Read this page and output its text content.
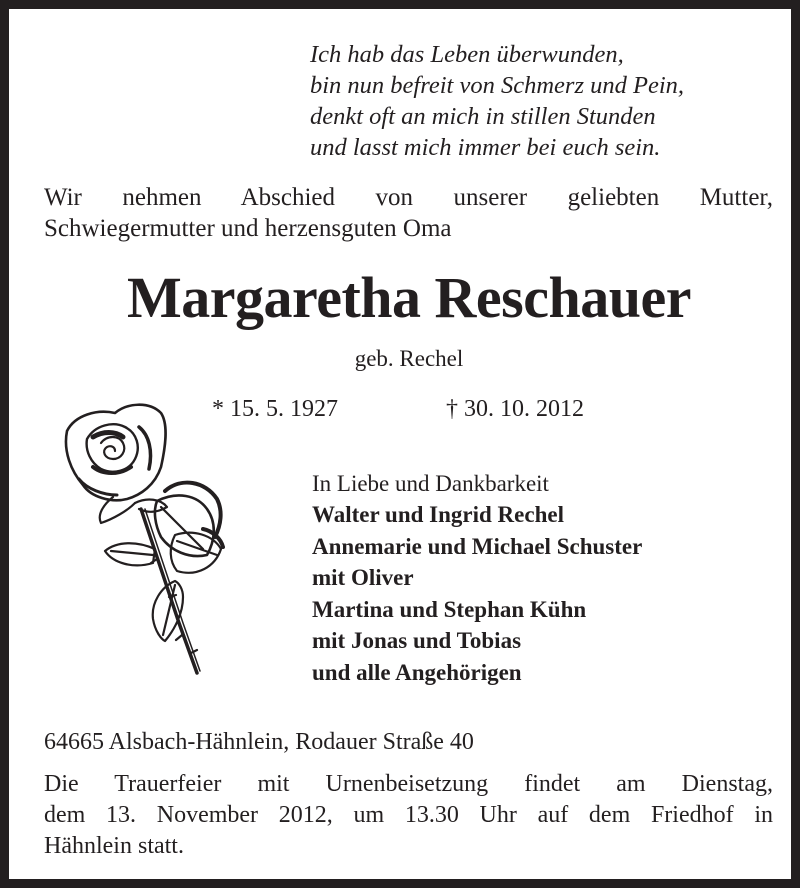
Ich hab das Leben überwunden,
bin nun befreit von Schmerz und Pein,
denkt oft an mich in stillen Stunden
und lasst mich immer bei euch sein.
Wir nehmen Abschied von unserer geliebten Mutter,
Schwiegermutter und herzensguten Oma
Margaretha Reschauer
geb. Rechel
* 15. 5. 1927	† 30. 10. 2012
In Liebe und Dankbarkeit
Walter und Ingrid Rechel
Annemarie und Michael Schuster
mit Oliver
Martina und Stephan Kühn
mit Jonas und Tobias
und alle Angehörigen
64665 Alsbach-Hähnlein, Rodauer Straße 40
Die Trauerfeier mit Urnenbeisetzung findet am Dienstag,
dem 13. November 2012, um 13.30 Uhr auf dem Friedhof in
Hähnlein statt.
